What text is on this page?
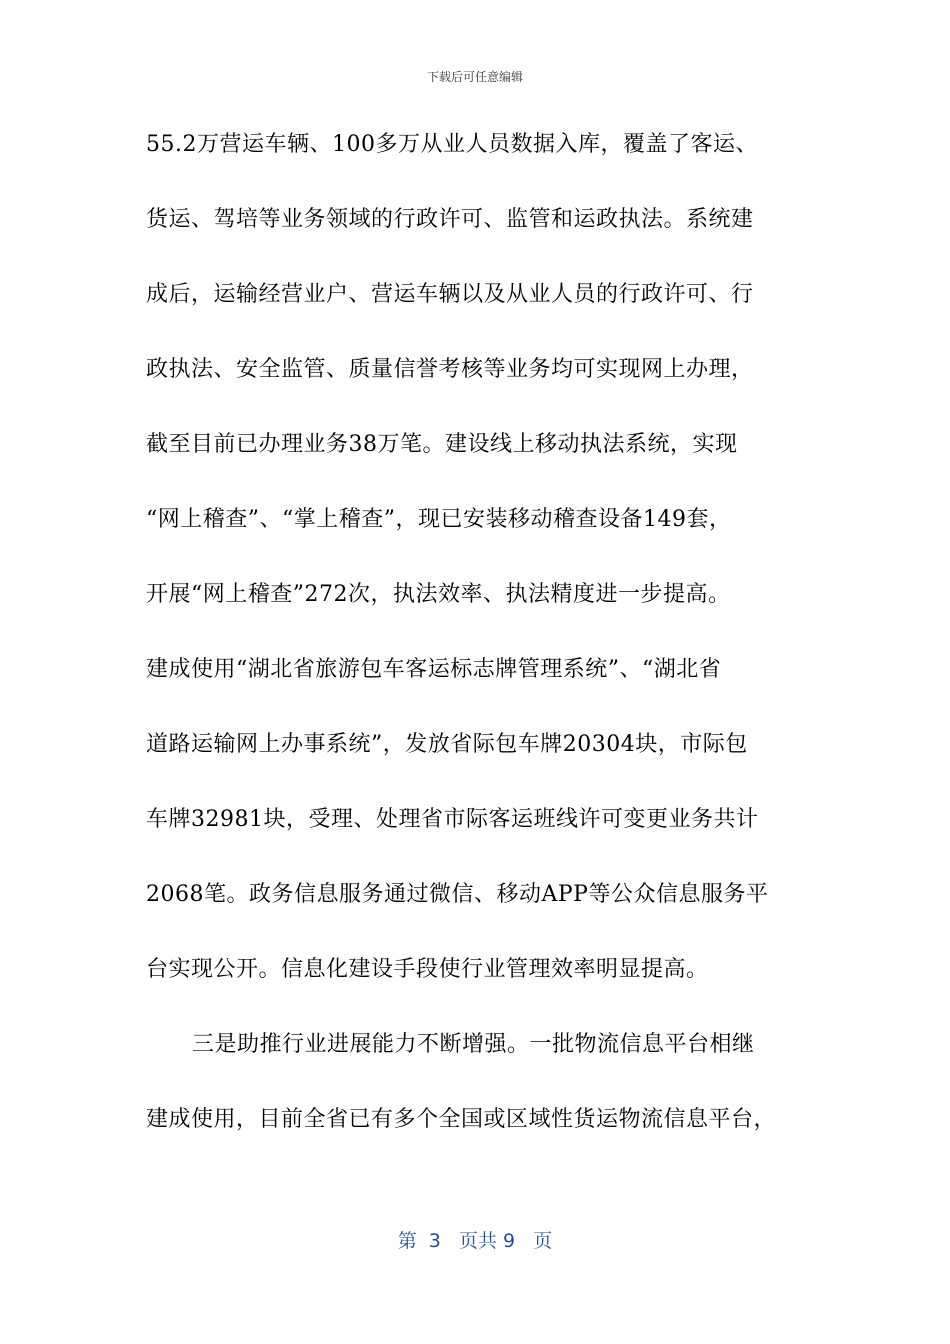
下载后可任意编辑
55.2万营运车辆、100多万从业人员数据入库，覆盖了客运、
货运、驾培等业务领域的行政许可、监管和运政执法。系统建
成后，运输经营业户、营运车辆以及从业人员的行政许可、行
政执法、安全监管、质量信誉考核等业务均可实现网上办理，
截至目前已办理业务38万笔。建设线上移动执法系统，实现
“网上稽查”、“掌上稽查”，现已安装移动稽查设备149套，
开展“网上稽查”272次，执法效率、执法精度进一步提高。
建成使用“湖北省旅游包车客运标志牌管理系统”、“湖北省
道路运输网上办事系统”，发放省际包车牌20304块，市际包
车牌32981块，受理、处理省市际客运班线许可变更业务共计
2068笔。政务信息服务通过微信、移动APP等公众信息服务平
台实现公开。信息化建设手段使行业管理效率明显提高。
三是助推行业进展能力不断增强。一批物流信息平台相继
建成使用，目前全省已有多个全国或区域性货运物流信息平台，
第  3   页共 9   页
